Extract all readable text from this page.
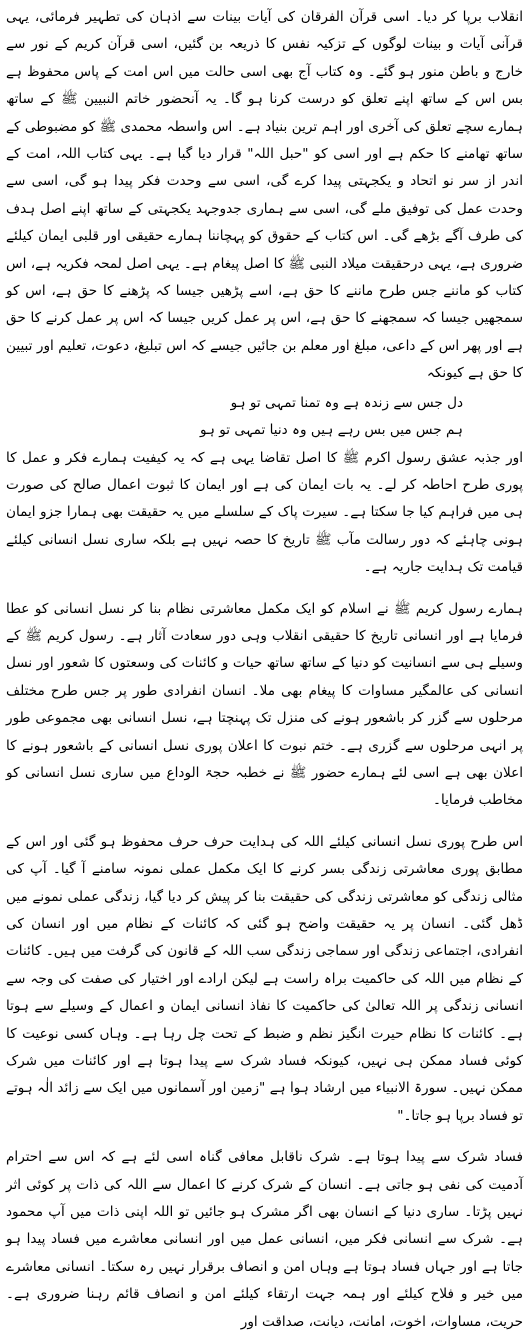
انقلاب برپا کر دیا۔ اسی قرآن الفرقان کی آیات بینات سے اذہان کی تطہیر فرمائی، یہی قرآنی آیات و بینات لوگوں کے تزکیہ نفس کا ذریعہ بن گئیں، اسی قرآن کریم کے نور سے خارج و باطن منور ہو گئے۔ وہ کتاب آج بھی اسی حالت میں اس امت کے پاس محفوظ ہے بس اس کے ساتھ اپنے تعلق کو درست کرنا ہو گا۔ یہ آنحضور خاتم النبیین ﷺ کے ساتھ ہمارے سچے تعلق کی آخری اور اہم ترین بنیاد ہے۔ اس واسطہ محمدی ﷺ کو مضبوطی کے ساتھ تھامنے کا حکم ہے اور اسی کو "حبل اللہ" قرار دیا گیا ہے۔ یہی کتاب اللہ، امت کے اندر از سر نو اتحاد و یکجہتی پیدا کرے گی، اسی سے وحدت فکر پیدا ہو گی، اسی سے وحدت عمل کی توفیق ملے گی، اسی سے ہماری جدوجہد یکجہتی کے ساتھ اپنے اصل ہدف کی طرف آگے بڑھے گی۔ اس کتاب کے حقوق کو پہچاننا ہمارے حقیقی اور قلبی ایمان کیلئے ضروری ہے، یہی درحقیقت میلاد النبی ﷺ کا اصل پیغام ہے۔ یہی اصل لمحہ فکریہ ہے، اس کتاب کو ماننے جس طرح ماننے کا حق ہے، اسے پڑھیں جیسا کہ پڑھنے کا حق ہے، اس کو سمجھیں جیسا کہ سمجھنے کا حق ہے، اس پر عمل کریں جیسا کہ اس پر عمل کرنے کا حق ہے اور پھر اس کے داعی، مبلغ اور معلم بن جائیں جیسے کہ اس تبلیغ، دعوت، تعلیم اور تبیین کا حق ہے کیونکہ

دل جس سے زندہ ہے وہ تمنا تمہی تو ہو

ہم جس میں بس رہے ہیں وہ دنیا تمہی تو ہو

اور جذبہ عشق رسول اکرم ﷺ کا اصل تقاضا یہی ہے کہ یہ کیفیت ہمارے فکر و عمل کا پوری طرح احاطہ کر لے۔ یہ بات ایمان کی ہے اور ایمان کا ثبوت اعمال صالح کی صورت ہی میں فراہم کیا جا سکتا ہے۔ سیرت پاک کے سلسلے میں یہ حقیقت بھی ہمارا جزو ایمان ہونی چاہئے کہ دور رسالت مآب ﷺ تاریخ کا حصہ نہیں ہے بلکہ ساری نسل انسانی کیلئے قیامت تک ہدایت جاریہ ہے۔

ہمارے رسول کریم ﷺ نے اسلام کو ایک مکمل معاشرتی نظام بنا کر نسل انسانی کو عطا فرمایا ہے اور انسانی تاریخ کا حقیقی انقلاب وہی دور سعادت آثار ہے۔ رسول کریم ﷺ کے وسیلے ہی سے انسانیت کو دنیا کے ساتھ ساتھ حیات و کائنات کی وسعتوں کا شعور اور نسل انسانی کی عالمگیر مساوات کا پیغام بھی ملا۔ انسان انفرادی طور پر جس طرح مختلف مرحلوں سے گزر کر باشعور ہونے کی منزل تک پہنچتا ہے، نسل انسانی بھی مجموعی طور پر انہی مرحلوں سے گزری ہے۔ ختم نبوت کا اعلان پوری نسل انسانی کے باشعور ہونے کا اعلان بھی ہے اسی لئے ہمارے حضور ﷺ نے خطبہ حجۃ الوداع میں ساری نسل انسانی کو مخاطب فرمایا۔

اس طرح پوری نسل انسانی کیلئے اللہ کی ہدایت حرف حرف محفوظ ہو گئی اور اس کے مطابق پوری معاشرتی زندگی بسر کرنے کا ایک مکمل عملی نمونہ سامنے آ گیا۔ آپ کی مثالی زندگی کو معاشرتی زندگی کی حقیقت بنا کر پیش کر دیا گیا، زندگی عملی نمونے میں ڈھل گئی۔ انسان پر یہ حقیقت واضح ہو گئی کہ کائنات کے نظام میں اور انسان کی انفرادی، اجتماعی زندگی اور سماجی زندگی سب اللہ کے قانون کی گرفت میں ہیں۔ کائنات کے نظام میں اللہ کی حاکمیت براہ راست ہے لیکن ارادے اور اختیار کی صفت کی وجہ سے انسانی زندگی پر اللہ تعالیٰ کی حاکمیت کا نفاذ انسانی ایمان و اعمال کے وسیلے سے ہوتا ہے۔ کائنات کا نظام حیرت انگیز نظم و ضبط کے تحت چل رہا ہے۔ وہاں کسی نوعیت کا کوئی فساد ممکن ہی نہیں، کیونکہ فساد شرک سے پیدا ہوتا ہے اور کائنات میں شرک ممکن نہیں۔ سورۃ الانبیاء میں ارشاد ہوا ہے "زمین اور آسمانوں میں ایک سے زائد الٰہ ہوتے تو فساد برپا ہو جاتا۔"

فساد شرک سے پیدا ہوتا ہے۔ شرک ناقابل معافی گناہ اسی لئے ہے کہ اس سے احترام آدمیت کی نفی ہو جاتی ہے۔ انسان کے شرک کرنے کا اعمال سے اللہ کی ذات پر کوئی اثر نہیں پڑتا۔ ساری دنیا کے انسان بھی اگر مشرک ہو جائیں تو اللہ اپنی ذات میں آپ محمود ہے۔ شرک سے انسانی فکر میں، انسانی عمل میں اور انسانی معاشرے میں فساد پیدا ہو جاتا ہے اور جہاں فساد ہوتا ہے وہاں امن و انصاف برقرار نہیں رہ سکتا۔ انسانی معاشرے میں خیر و فلاح کیلئے اور ہمہ جہت ارتقاء کیلئے امن و انصاف قائم رہنا ضروری ہے۔ حریت، مساوات، اخوت، امانت، دیانت، صداقت اور
